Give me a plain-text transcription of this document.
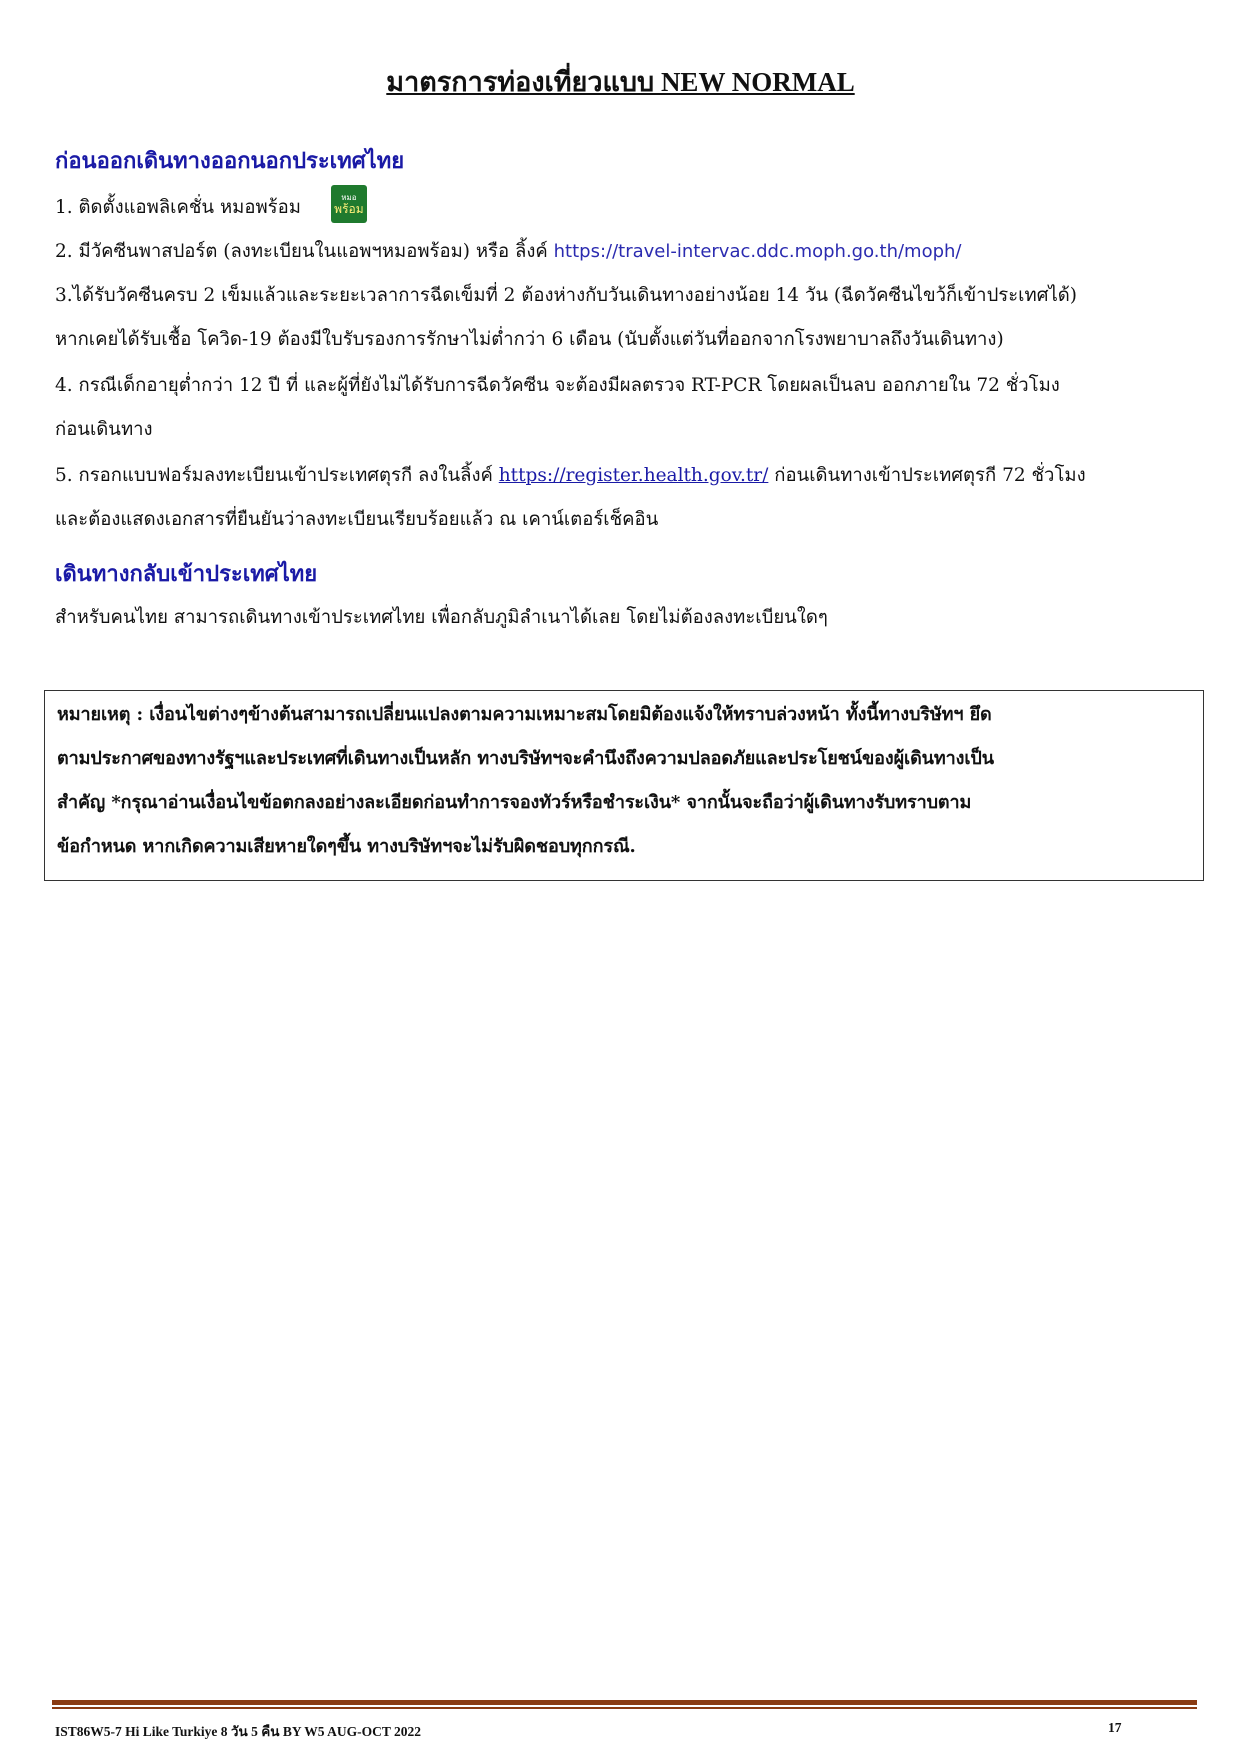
มาตรการท่องเที่ยวแบบ NEW NORMAL
ก่อนออกเดินทางออกนอกประเทศไทย
1. ติดตั้งแอพลิเคชั่น หมอพร้อม	หมอ
พร้อม
2. มีวัคซีนพาสปอร์ต (ลงทะเบียนในแอพฯหมอพร้อม) หรือ ลิ้งค์ https://travel-intervac.ddc.moph.go.th/moph/
3.ได้รับวัคซีนครบ 2 เข็มแล้วและระยะเวลาการฉีดเข็มที่ 2 ต้องห่างกับวันเดินทางอย่างน้อย 14 วัน (ฉีดวัคซีนไขว้ก็เข้าประเทศได้)
หากเคยได้รับเชื้อ โควิด-19 ต้องมีใบรับรองการรักษาไม่ต่ำกว่า 6 เดือน (นับตั้งแต่วันที่ออกจากโรงพยาบาลถึงวันเดินทาง)
4. กรณีเด็กอายุต่ำกว่า 12 ปี ที่ และผู้ที่ยังไม่ได้รับการฉีดวัคซีน จะต้องมีผลตรวจ RT-PCR โดยผลเป็นลบ ออกภายใน 72 ชั่วโมง
ก่อนเดินทาง
5. กรอกแบบฟอร์มลงทะเบียนเข้าประเทศตุรกี ลงในลิ้งค์ https://register.health.gov.tr/ ก่อนเดินทางเข้าประเทศตุรกี 72 ชั่วโมง
และต้องแสดงเอกสารที่ยืนยันว่าลงทะเบียนเรียบร้อยแล้ว ณ เคาน์เตอร์เช็คอิน
เดินทางกลับเข้าประเทศไทย
สำหรับคนไทย สามารถเดินทางเข้าประเทศไทย เพื่อกลับภูมิลำเนาได้เลย โดยไม่ต้องลงทะเบียนใดๆ
หมายเหตุ : เงื่อนไขต่างๆข้างต้นสามารถเปลี่ยนแปลงตามความเหมาะสมโดยมิต้องแจ้งให้ทราบล่วงหน้า ทั้งนี้ทางบริษัทฯ ยึด
ตามประกาศของทางรัฐฯและประเทศที่เดินทางเป็นหลัก ทางบริษัทฯจะคำนึงถึงความปลอดภัยและประโยชน์ของผู้เดินทางเป็น
สำคัญ *กรุณาอ่านเงื่อนไขข้อตกลงอย่างละเอียดก่อนทำการจองทัวร์หรือชำระเงิน* จากนั้นจะถือว่าผู้เดินทางรับทราบตาม
ข้อกำหนด หากเกิดความเสียหายใดๆขึ้น ทางบริษัทฯจะไม่รับผิดชอบทุกกรณี.
IST86W5-7 Hi Like Turkiye 8 วัน 5 คืน BY W5 AUG-OCT 2022	17
